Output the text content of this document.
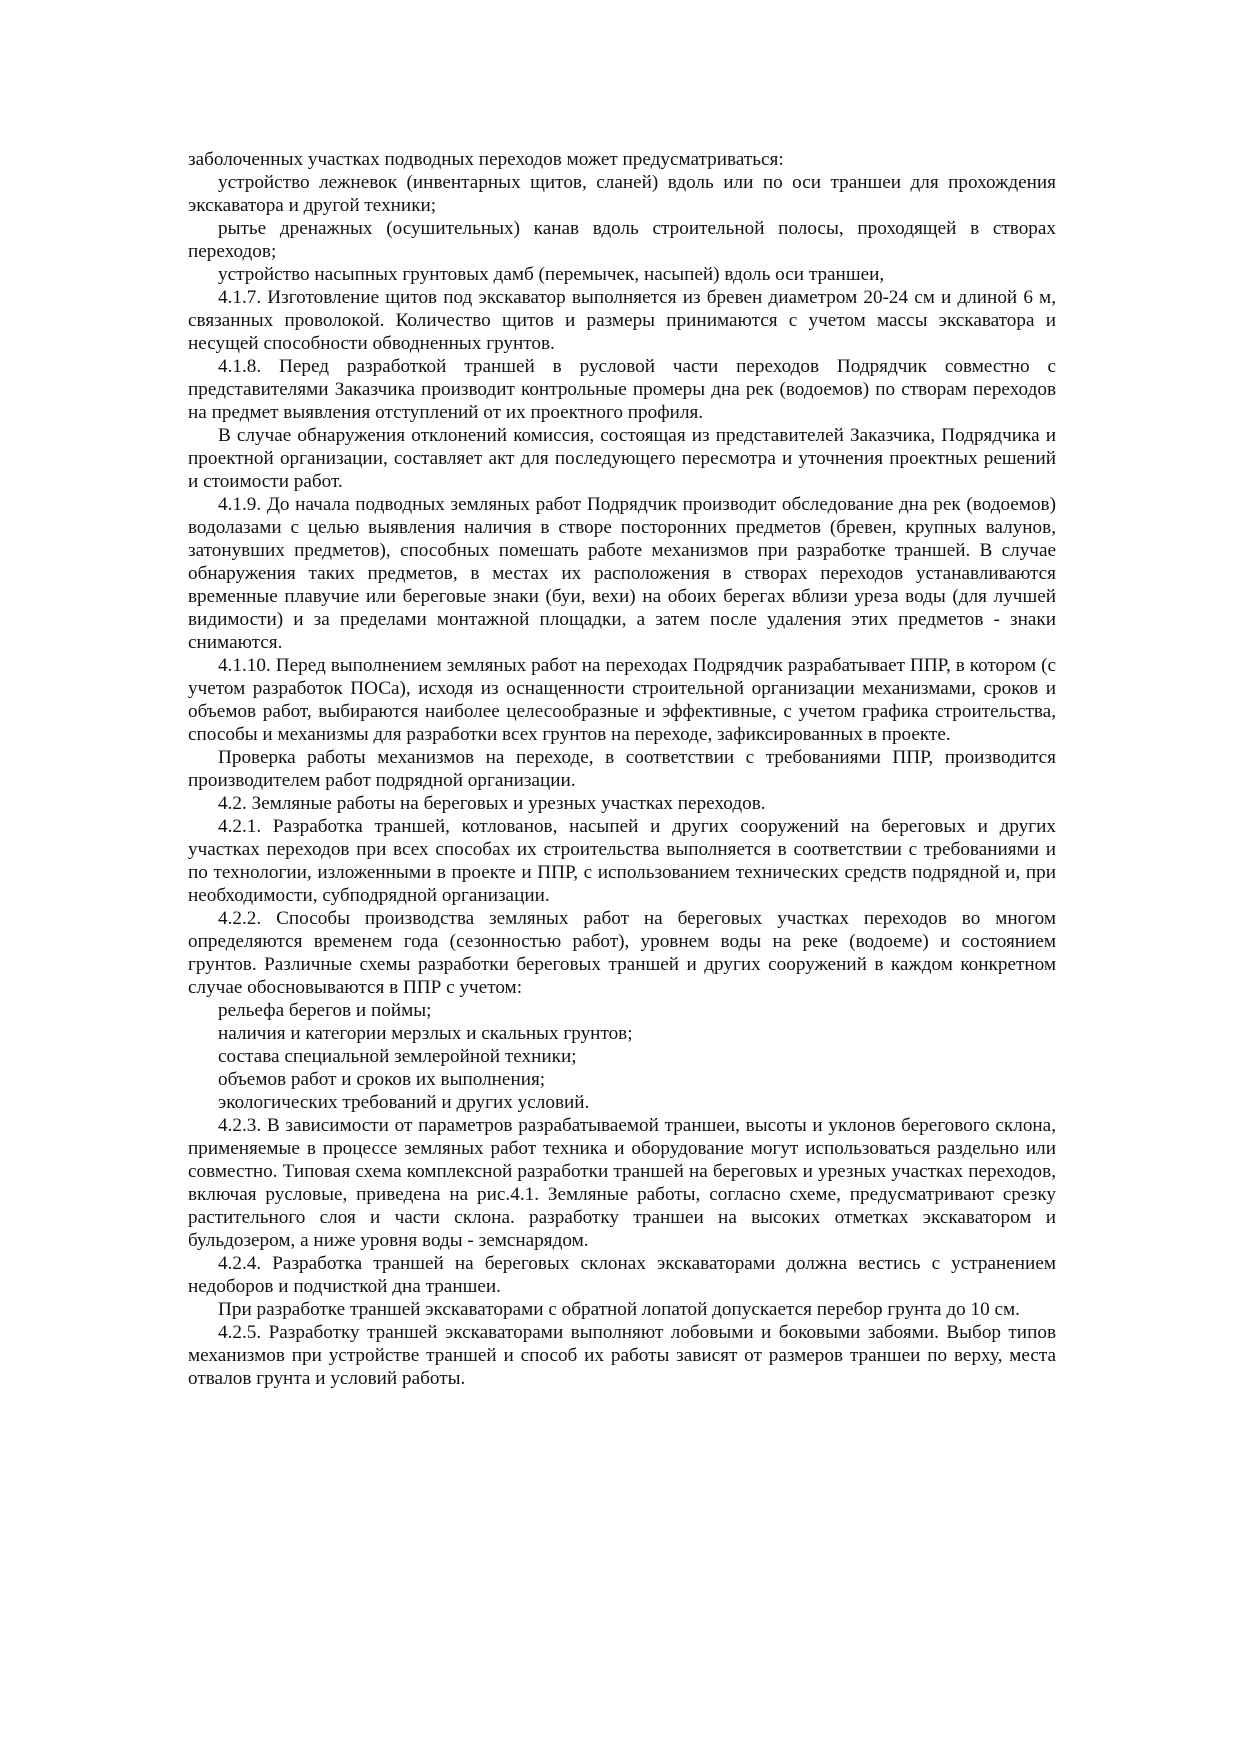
заболоченных участках подводных переходов может предусматриваться:

устройство лежневок (инвентарных щитов, сланей) вдоль или по оси траншеи для прохождения экскаватора и другой техники;

рытье дренажных (осушительных) канав вдоль строительной полосы, проходящей в створах переходов;

устройство насыпных грунтовых дамб (перемычек, насыпей) вдоль оси траншеи,

4.1.7. Изготовление щитов под экскаватор выполняется из бревен диаметром 20-24 см и длиной 6 м, связанных проволокой. Количество щитов и размеры принимаются с учетом массы экскаватора и несущей способности обводненных грунтов.

4.1.8. Перед разработкой траншей в русловой части переходов Подрядчик совместно с представителями Заказчика производит контрольные промеры дна рек (водоемов) по створам переходов на предмет выявления отступлений от их проектного профиля.

В случае обнаружения отклонений комиссия, состоящая из представителей Заказчика, Подрядчика и проектной организации, составляет акт для последующего пересмотра и уточнения проектных решений и стоимости работ.

4.1.9. До начала подводных земляных работ Подрядчик производит обследование дна рек (водоемов) водолазами с целью выявления наличия в створе посторонних предметов (бревен, крупных валунов, затонувших предметов), способных помешать работе механизмов при разработке траншей. В случае обнаружения таких предметов, в местах их расположения в створах переходов устанавливаются временные плавучие или береговые знаки (буи, вехи) на обоих берегах вблизи уреза воды (для лучшей видимости) и за пределами монтажной площадки, а затем после удаления этих предметов - знаки снимаются.

4.1.10. Перед выполнением земляных работ на переходах Подрядчик разрабатывает ППР, в котором (с учетом разработок ПОСа), исходя из оснащенности строительной организации механизмами, сроков и объемов работ, выбираются наиболее целесообразные и эффективные, с учетом графика строительства, способы и механизмы для разработки всех грунтов на переходе, зафиксированных в проекте.

Проверка работы механизмов на переходе, в соответствии с требованиями ППР, производится производителем работ подрядной организации.

4.2. Земляные работы на береговых и урезных участках переходов.

4.2.1. Разработка траншей, котлованов, насыпей и других сооружений на береговых и других участках переходов при всех способах их строительства выполняется в соответствии с требованиями и по технологии, изложенными в проекте и ППР, с использованием технических средств подрядной и, при необходимости, субподрядной организации.

4.2.2. Способы производства земляных работ на береговых участках переходов во многом определяются временем года (сезонностью работ), уровнем воды на реке (водоеме) и состоянием грунтов. Различные схемы разработки береговых траншей и других сооружений в каждом конкретном случае обосновываются в ППР с учетом:

рельефа берегов и поймы;

наличия и категории мерзлых и скальных грунтов;

состава специальной землеройной техники;

объемов работ и сроков их выполнения;

экологических требований и других условий.

4.2.3. В зависимости от параметров разрабатываемой траншеи, высоты и уклонов берегового склона, применяемые в процессе земляных работ техника и оборудование могут использоваться раздельно или совместно. Типовая схема комплексной разработки траншей на береговых и урезных участках переходов, включая русловые, приведена на рис.4.1. Земляные работы, согласно схеме, предусматривают срезку растительного слоя и части склона. разработку траншеи на высоких отметках экскаватором и бульдозером, а ниже уровня воды - земснарядом.

4.2.4. Разработка траншей на береговых склонах экскаваторами должна вестись с устранением недоборов и подчисткой дна траншеи.

При разработке траншей экскаваторами с обратной лопатой допускается перебор грунта до 10 см.

4.2.5. Разработку траншей экскаваторами выполняют лобовыми и боковыми забоями. Выбор типов механизмов при устройстве траншей и способ их работы зависят от размеров траншеи по верху, места отвалов грунта и условий работы.
